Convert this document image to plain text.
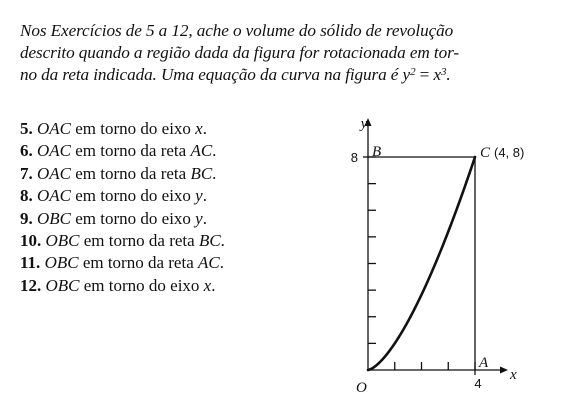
Nos Exercícios de 5 a 12, ache o volume do sólido de revolução
descrito quando a região dada da figura for rotacionada em tor-
no da reta indicada. Uma equação da curva na figura é $y^2 = x^3$.
5. OAC em torno do eixo x.
6. OAC em torno da reta AC.
7. OAC em torno da reta BC.
8. OAC em torno do eixo y.
9. OBC em torno do eixo y.
10. OBC em torno da reta BC.
11. OBC em torno da reta AC.
12. OBC em torno do eixo x.
y
x
8 B	C (4, 8)
A
4
O
